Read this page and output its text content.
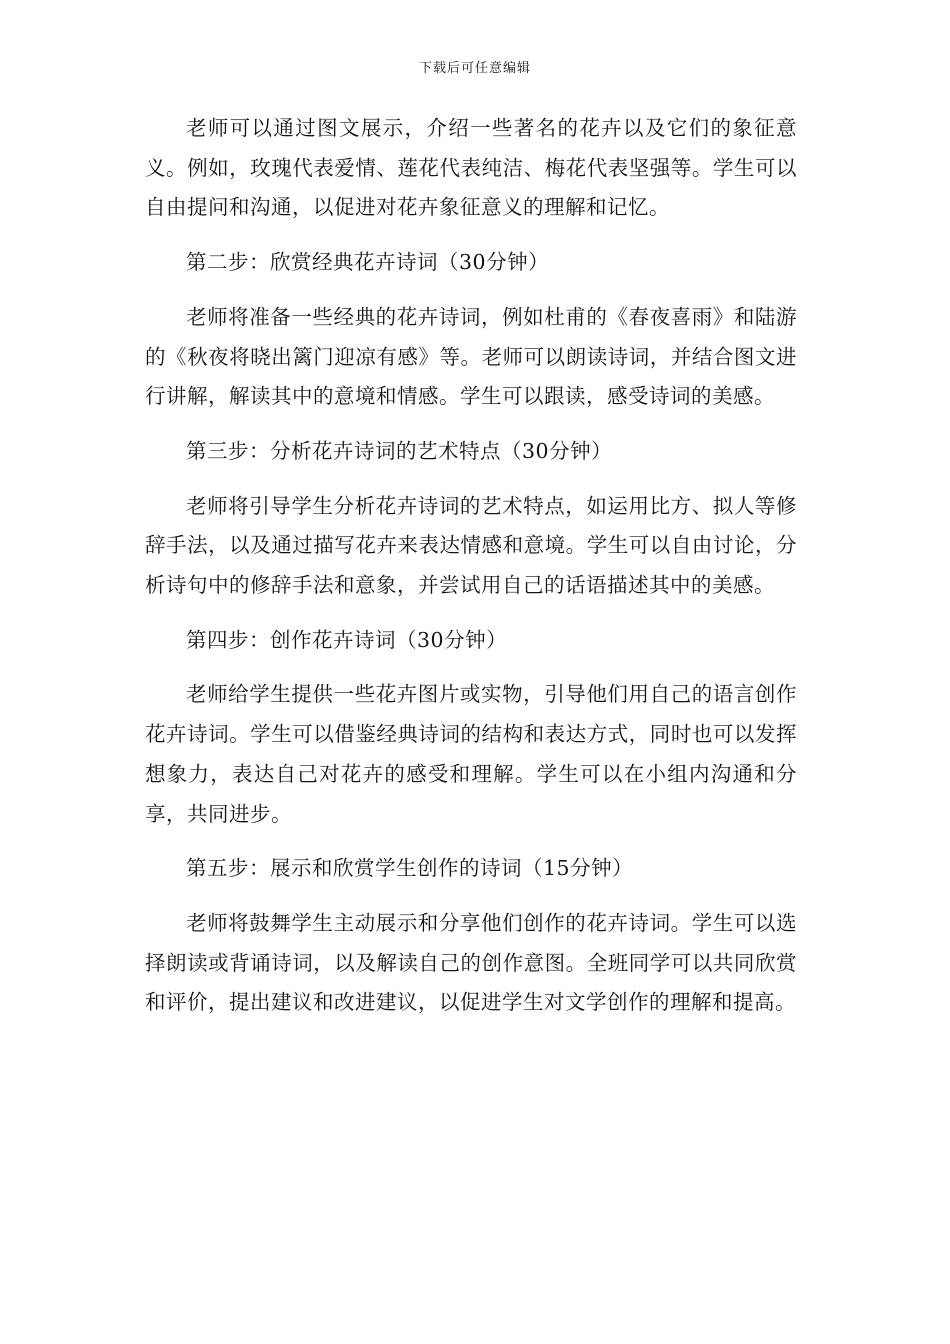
下载后可任意编辑

老师可以通过图文展示，介绍一些著名的花卉以及它们的象征意义。例如，玫瑰代表爱情、莲花代表纯洁、梅花代表坚强等。学生可以自由提问和沟通，以促进对花卉象征意义的理解和记忆。

第二步：欣赏经典花卉诗词（30分钟）

老师将准备一些经典的花卉诗词，例如杜甫的《春夜喜雨》和陆游的《秋夜将晓出篱门迎凉有感》等。老师可以朗读诗词，并结合图文进行讲解，解读其中的意境和情感。学生可以跟读，感受诗词的美感。

第三步：分析花卉诗词的艺术特点（30分钟）

老师将引导学生分析花卉诗词的艺术特点，如运用比方、拟人等修辞手法，以及通过描写花卉来表达情感和意境。学生可以自由讨论，分析诗句中的修辞手法和意象，并尝试用自己的话语描述其中的美感。

第四步：创作花卉诗词（30分钟）

老师给学生提供一些花卉图片或实物，引导他们用自己的语言创作花卉诗词。学生可以借鉴经典诗词的结构和表达方式，同时也可以发挥想象力，表达自己对花卉的感受和理解。学生可以在小组内沟通和分享，共同进步。

第五步：展示和欣赏学生创作的诗词（15分钟）

老师将鼓舞学生主动展示和分享他们创作的花卉诗词。学生可以选择朗读或背诵诗词，以及解读自己的创作意图。全班同学可以共同欣赏和评价，提出建议和改进建议，以促进学生对文学创作的理解和提高。
